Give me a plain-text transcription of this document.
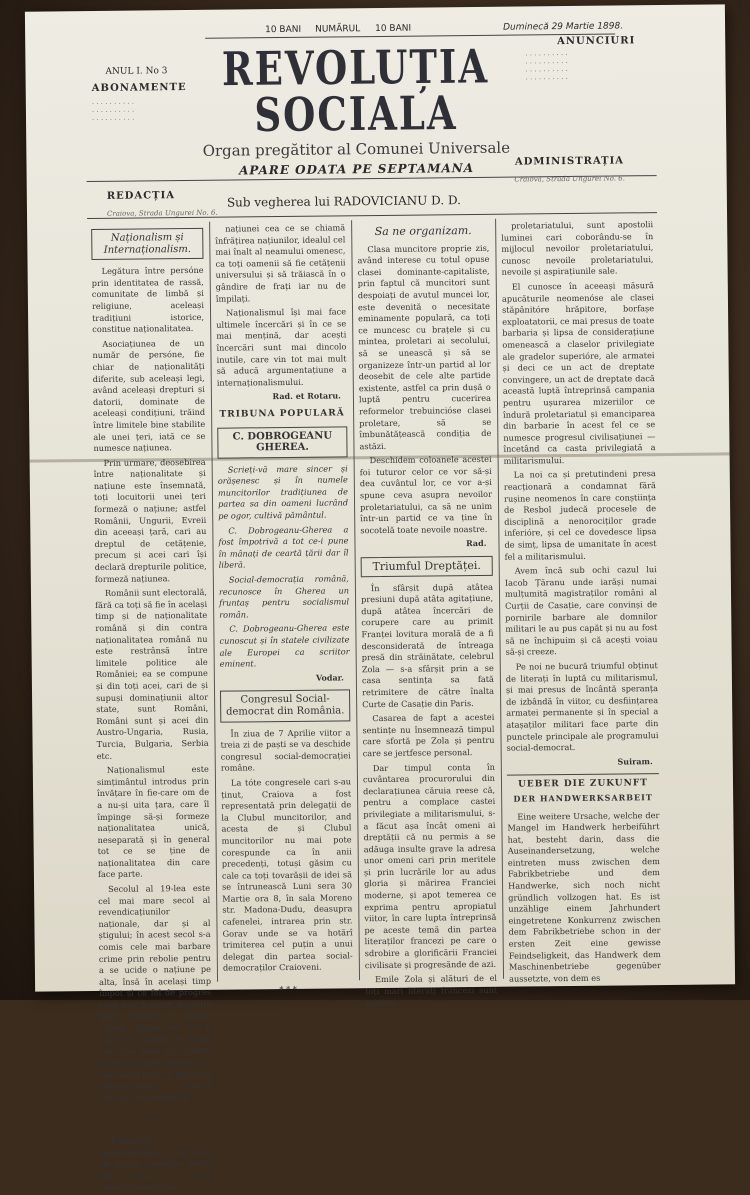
10 BANI NUMĂRUL 10 BANI	Duminecă 29 Martie 1898.
ANUL I. No 3
ABONAMENTE
· · · · · · · · · ·
· · · · · · · · · ·
· · · · · · · · · ·
ANUNCIURI
· · · · · · · · · ·
· · · · · · · · · ·
· · · · · · · · · ·
· · · · · · · · · ·
REVOLUȚIA SOCIALA
Organ pregătitor al Comunei Universale
APARE ODATA PE SEPTAMANA
REDACȚIA
Craiova, Strada Ungurei No. 6.
Sub vegherea lui RADOVICIANU D. D.
ADMINISTRAȚIA
Craiova, Strada Ungurei No. 6.
Naționalism și Internaționalism.

Legătura între persóne prin identitatea de rassă, comunitate de limbă și religiune, aceleași tradițiuni istorice, constitue naționalitatea.

Asociațiunea de un număr de persóne, fie chiar de naționalități diferite, sub aceleași legi, având aceleași drepturi și datorii, dominate de aceleași condițiuni, trăind între limitele bine stabilite ale unei țeri, iată ce se numesce națiunea.

Prin urmare, deosebirea între naționalitate și națiune este însemnată, toți locuitorii unei țeri formeză o națiune; astfel Românii, Ungurii, Evreii din aceeași țară, cari au dreptul de cetățenie, precum și acei cari își declară drepturile politice, formeză națiunea.

Românii sunt electorală, fără ca toți să fie în același timp și de naționalitate română și din contra naționalitatea română nu este restrânsă între limitele politice ale României; ea se compune și din toți acei, cari de și supuși dominațiunii altor state, sunt Români, Români sunt și acei din Austro-Ungaria, Rusia, Turcia, Bulgaria, Serbia etc.

Naționalismul este simțimântul introdus prin învățare în fie-care om de a nu-și uita țara, care îl împinge să-și formeze naționalitatea unică, neseparată și în general tot ce se ține de naționalitatea din care face parte.

Secolul al 19-lea este cel mai mare secol al revendicațiunilor naționale, dar și al știgului; în acest secol s-a comis cele mai barbare crime prin rebolie pentru a se ucide o națiune pe alta, însă în același timp împot și ce fel de progres care s-ar fi putut desvolta dacă atâtea și atâtea capete tinere nu ar fi căzut pe câmpul de resboi sau mai bine pe câmpul crimei numite națiune; ce spectacol trist va presenta generațiunilor viitore chestia naționalității!

* * *

Exemplul naționalităților a dat mult de gândit capetelor nobile din care a eșit internaționalismul

națiunei cea ce se chiamă înfrățirea națiunilor, idealul cel mai înalt al neamului omenesc, ca toți oamenii să fie cetățenii universului și să trăiască în o gândire de frați iar nu de împilați.

Naționalismul își mai face ultimele încercări și în ce se mai mențină, dar acești încercări sunt mai dincolo inutile, care vin tot mai mult să aducă argumentațiune a internaționalismului.

Rad. et Rotaru.
TRIBUNA POPULARĂ
C. DOBROGEANU GHEREA.

Scrieți-vă mare sincer și orășenesc și în numele muncitorilor tradițiunea de partea sa din oameni lucrând pe ogor, cultivă pământul.

C. Dobrogeanu-Gherea a fost împotrivă a tot ce-i pune în mânați de ceartă țării dar îl liberă.

Social-democrația română, recunosce în Gherea un fruntaș pentru socialismul român.

C. Dobrogeanu-Gherea este cunoscut și în statele civilizate ale Europei ca scriitor eminent.

Vodar.
Congresul Social-democrat din România.

În ziua de 7 Aprilie viitor a treia zi de paști se va deschide congresul social-democrației române.

La tóte congresele cari s-au ținut, Craiova a fost representată prin delegații de la Clubul muncitorilor, and acesta de și Clubul muncitorilor nu mai pote corespunde ca în anii precedenți, totuși găsim cu cale ca toți tovarășii de idei să se întrunească Luni sera 30 Martie ora 8, în sala Moreno str. Madona-Dudu, deasupra cafenelei, intrarea prin str. Gorav unde se va hotărî trimiterea cel puțin a unui delegat din partea social-democraților Craioveni.

* * *
Sa ne organizam.

Clasa muncitore proprie zis, având interese cu totul opuse clasei dominante-capitaliste, prin faptul că muncitori sunt despoiați de avutul muncei lor, este devenită o necesitate eminamente populară, ca toți ce muncesc cu brațele și cu mintea, proletari ai secolului, să se unească și să se organizeze într-un partid al lor deosebit de cele alte partide existente, astfel ca prin dușă o luptă pentru cucerirea reformelor trebuincióse clasei proletare, să se îmbunătățească condiția de astăzi.

Deschidem coloanele acestei foi tuturor celor ce vor să-și dea cuvântul lor, ce vor a-și spune ceva asupra nevoilor proletariatului, ca să ne unim într-un partid ce va ține în socotelă toate nevoile noastre.

Rad.
Triumful Dreptăței.

În sfârșit după atâtea presiuni după atâta agitațiune, după atâtea încercări de corupere care au primit Franței lovitura morală de a fi desconsiderată de întreaga presă din străinătate, celebrul Zola — s-a sfârșit prin a se casa sentința sa fată retrimitere de către înalta Curte de Casație din Paris.

Casarea de fapt a acestei sentințe nu însemnează timpul care sfortă pe Zola și pentru care se jertfesce personal.

Dar timpul conta în cuvântarea procurorului din declarațiunea căruia reese că, pentru a complace castei privilegiate a militarismului, s-a făcut așa încât omeni ai dreptății că nu permis a se adăuga insulte grave la adresa unor omeni cari prin meritele și prin lucrările lor au adus gloria și mărirea Franciei moderne, și apot temerea ce exprima pentru apropiatul viitor, în care lupta întreprinsă pe aceste temă din partea literaților francezi pe care o sdrobire a glorificării Franciei civilisate și progresănde de azi.

Emile Zola și alături de el toți mari literați francezi sunt prietini

proletariatului, sunt apostolii luminei cari coborându-se în mijlocul nevoilor proletariatului, cunosc nevoile proletariatului, nevoile și aspirațiunile sale.

El cunosce în aceeași măsură apucăturile neomenóse ale clasei stăpânitóre hrăpitore, borfașe exploatatorii, ce mai presus de toate barbaria și lipsa de considerațiune omenească a claselor privilegiate ale gradelor superióre, ale armatei și deci ce un act de dreptate convingere, un act de dreptate dacă această luptă întreprinsă campania pentru ușurarea mizeriilor ce îndură proletariatul și emanciparea din barbarie în acest fel ce se numesce progresul civilisațiunei — încetând ca casta privilegiată a militarismului.

La noi ca și pretutindeni presa reacționară a condamnat fără rușine neomenos în care conștiința de Resbol judecă procesele de disciplină a nenorociților grade inferióre, și cel ce dovedesce lipsa de simț, lipsa de umanitate în acest fel a militarismului.

Avem încă sub ochi cazul lui Iacob Țăranu unde iarăși numai mulțumită magistraților români al Curții de Casație, care convinși de pornirile barbare ale domnilor militari le au pus capăt și nu au fost să ne închipuim și că acești voiau să-și creeze.

Pe noi ne bucură triumful obținut de literați în luptă cu militarismul, și mai presus de încântă speranța de izbândă în viitor, cu desființarea armatei permanente și în special a atașaților militari face parte din punctele principale ale programului social-democrat.

Suiram.
UEBER DIE ZUKUNFT
DER HANDWERKSARBEIT

Eine weitere Ursache, welche der Mangel im Handwerk herbeiführt hat, besteht darin, dass die Auseinandersetzung, welche eintreten muss zwischen dem Fabrikbetriebe und dem Handwerke, sich noch nicht gründlich vollzogen hat. Es ist unzählige einem Jahrhundert eingetretene Konkurrenz zwischen dem Fabrikbetriebe schon in der ersten Zeit eine gewisse Feindseligkeit, das Handwerk dem Maschinenbetriebe gegenüber aussetzte, von dem es
